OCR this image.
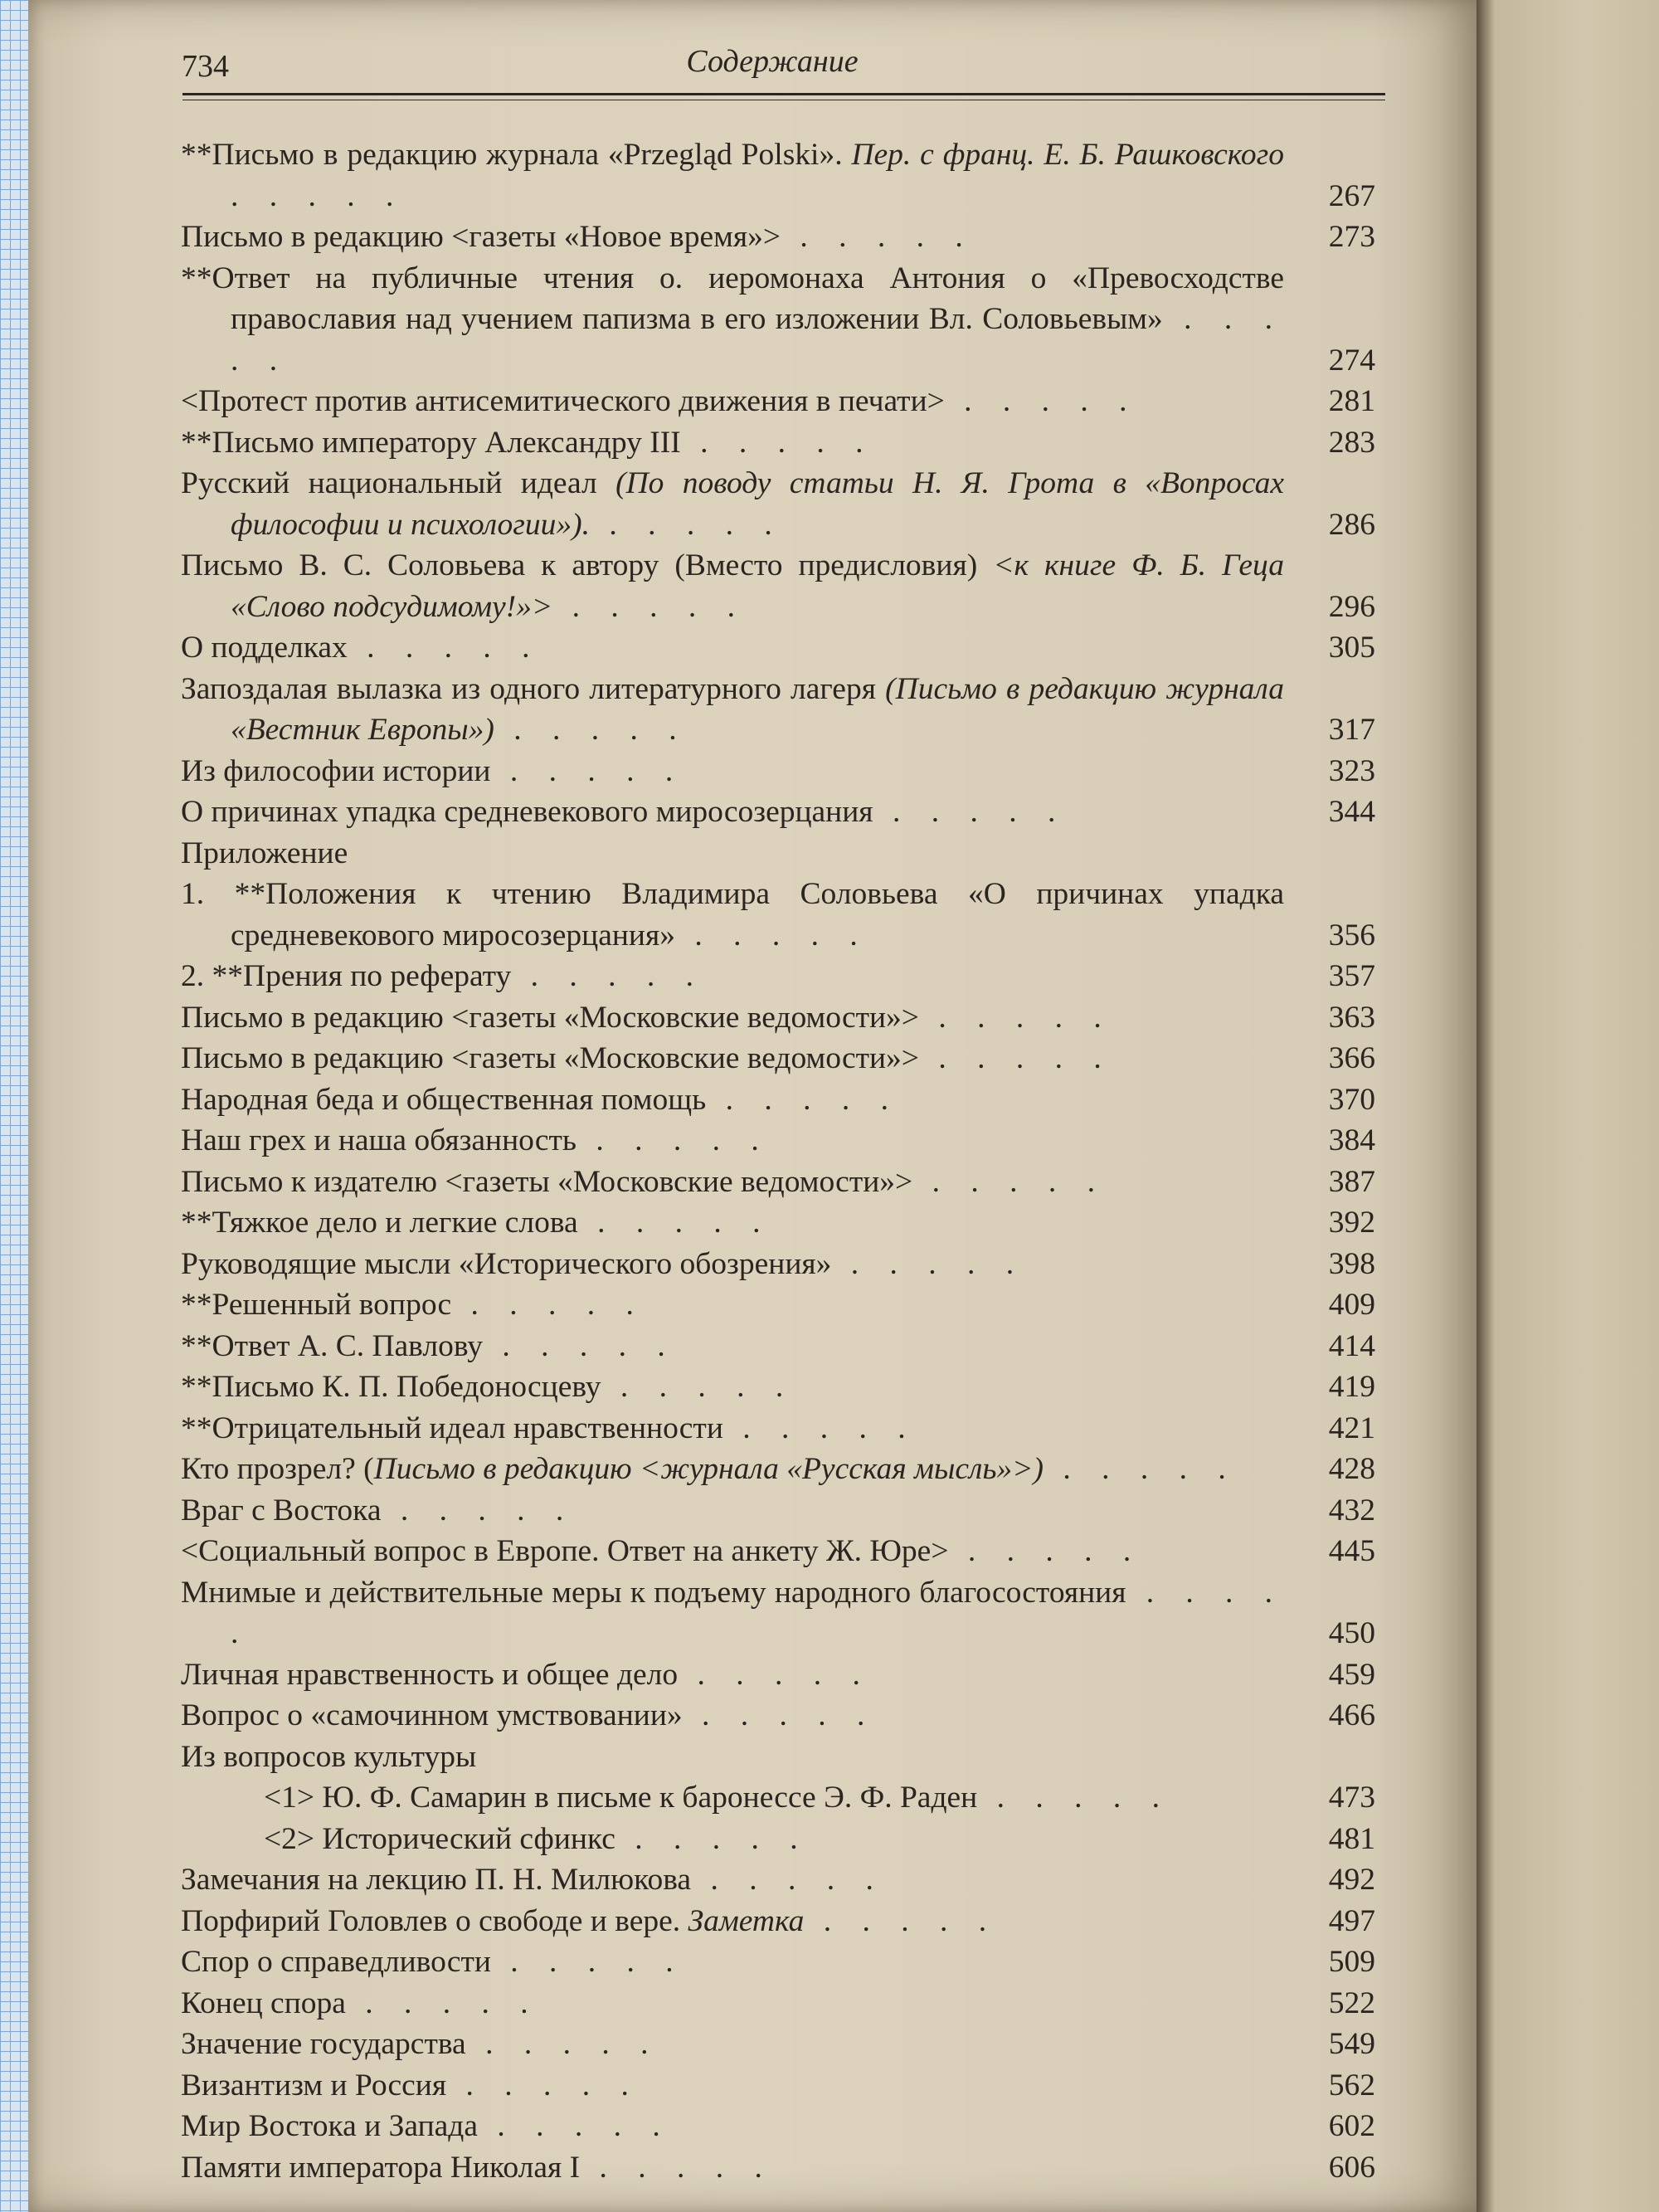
734	Содержание
**Письмо в редакцию журнала «Przegląd Polski». Пер. с франц. Е. Б. Рашковского . . . . .	267
Письмо в редакцию <газеты «Новое время»> . . . . .	273
**Ответ на публичные чтения о. иеромонаха Антония о «Превосходстве православия над учением папизма в его изложении Вл. Соловьевым» . . . . .	274
<Протест против антисемитического движения в печати> . . . . .	281
**Письмо императору Александру III . . . . .	283
Русский национальный идеал (По поводу статьи Н. Я. Грота в «Вопросах философии и психологии»). . . . . .	286
Письмо В. С. Соловьева к автору (Вместо предисловия) <к книге Ф. Б. Геца «Слово подсудимому!»> . . . . .	296
О подделках . . . . .	305
Запоздалая вылазка из одного литературного лагеря (Письмо в редакцию журнала «Вестник Европы») . . . . .	317
Из философии истории . . . . .	323
О причинах упадка средневекового миросозерцания . . . . .	344
Приложение
1. **Положения к чтению Владимира Соловьева «О причинах упадка средневекового миросозерцания» . . . . .	356
2. **Прения по реферату . . . . .	357
Письмо в редакцию <газеты «Московские ведомости»> . . . . .	363
Письмо в редакцию <газеты «Московские ведомости»> . . . . .	366
Народная беда и общественная помощь . . . . .	370
Наш грех и наша обязанность . . . . .	384
Письмо к издателю <газеты «Московские ведомости»> . . . . .	387
**Тяжкое дело и легкие слова . . . . .	392
Руководящие мысли «Исторического обозрения» . . . . .	398
**Решенный вопрос . . . . .	409
**Ответ А. С. Павлову . . . . .	414
**Письмо К. П. Победоносцеву . . . . .	419
**Отрицательный идеал нравственности . . . . .	421
Кто прозрел? (Письмо в редакцию <журнала «Русская мысль»>) . . . . .	428
Враг с Востока . . . . .	432
<Социальный вопрос в Европе. Ответ на анкету Ж. Юре> . . . . .	445
Мнимые и действительные меры к подъему народного благосостояния . . . . .	450
Личная нравственность и общее дело . . . . .	459
Вопрос о «самочинном умствовании» . . . . .	466
Из вопросов культуры
<1> Ю. Ф. Самарин в письме к баронессе Э. Ф. Раден . . . . .	473
<2> Исторический сфинкс . . . . .	481
Замечания на лекцию П. Н. Милюкова . . . . .	492
Порфирий Головлев о свободе и вере. Заметка . . . . .	497
Спор о справедливости . . . . .	509
Конец спора . . . . .	522
Значение государства . . . . .	549
Византизм и Россия . . . . .	562
Мир Востока и Запада . . . . .	602
Памяти императора Николая I . . . . .	606
